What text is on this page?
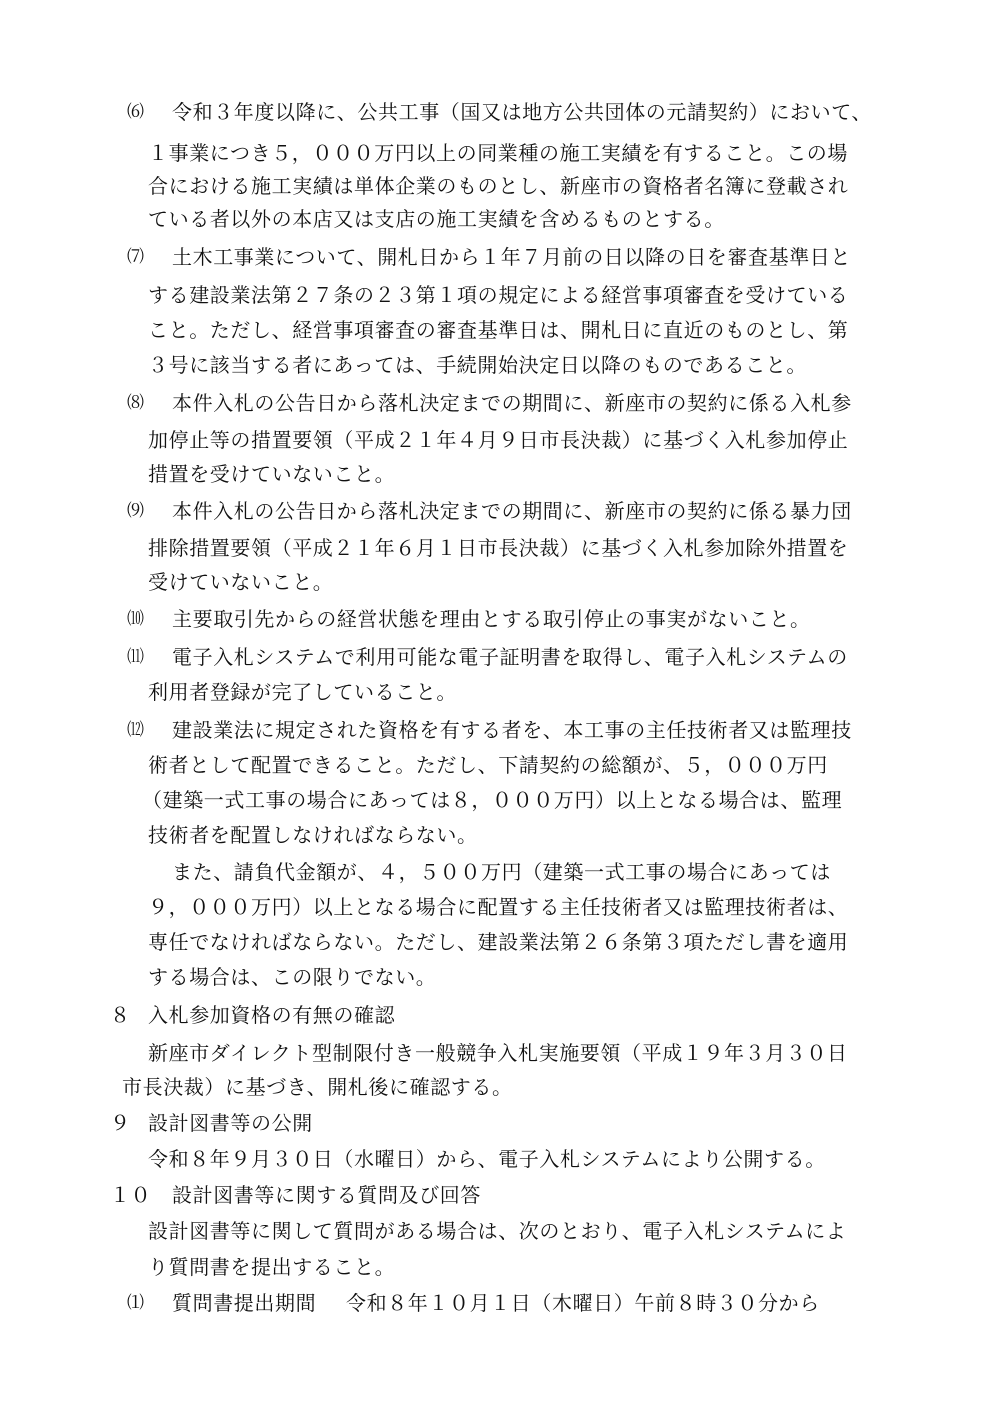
⑹ 令和３年度以降に、公共工事（国又は地方公共団体の元請契約）において、
１事業につき５，０００万円以上の同業種の施工実績を有すること。この場
合における施工実績は単体企業のものとし、新座市の資格者名簿に登載され
ている者以外の本店又は支店の施工実績を含めるものとする。
⑺ 土木工事業について、開札日から１年７月前の日以降の日を審査基準日と
する建設業法第２７条の２３第１項の規定による経営事項審査を受けている
こと。ただし、経営事項審査の審査基準日は、開札日に直近のものとし、第
３号に該当する者にあっては、手続開始決定日以降のものであること。
⑻ 本件入札の公告日から落札決定までの期間に、新座市の契約に係る入札参
加停止等の措置要領（平成２１年４月９日市長決裁）に基づく入札参加停止
措置を受けていないこと。
⑼ 本件入札の公告日から落札決定までの期間に、新座市の契約に係る暴力団
排除措置要領（平成２１年６月１日市長決裁）に基づく入札参加除外措置を
受けていないこと。
⑽ 主要取引先からの経営状態を理由とする取引停止の事実がないこと。
⑾ 電子入札システムで利用可能な電子証明書を取得し、電子入札システムの
利用者登録が完了していること。
⑿ 建設業法に規定された資格を有する者を、本工事の主任技術者又は監理技
術者として配置できること。ただし、下請契約の総額が、５，０００万円
（建築一式工事の場合にあっては８，０００万円）以上となる場合は、監理
技術者を配置しなければならない。
また、請負代金額が、４，５００万円（建築一式工事の場合にあっては
９，０００万円）以上となる場合に配置する主任技術者又は監理技術者は、
専任でなければならない。ただし、建設業法第２６条第３項ただし書を適用
する場合は、この限りでない。
８ 入札参加資格の有無の確認
新座市ダイレクト型制限付き一般競争入札実施要領（平成１９年３月３０日
市長決裁）に基づき、開札後に確認する。
９ 設計図書等の公開
令和８年９月３０日（水曜日）から、電子入札システムにより公開する。
１０ 設計図書等に関する質問及び回答
設計図書等に関して質問がある場合は、次のとおり、電子入札システムによ
り質問書を提出すること。
⑴ 質問書提出期間 令和８年１０月１日（木曜日）午前８時３０分から
